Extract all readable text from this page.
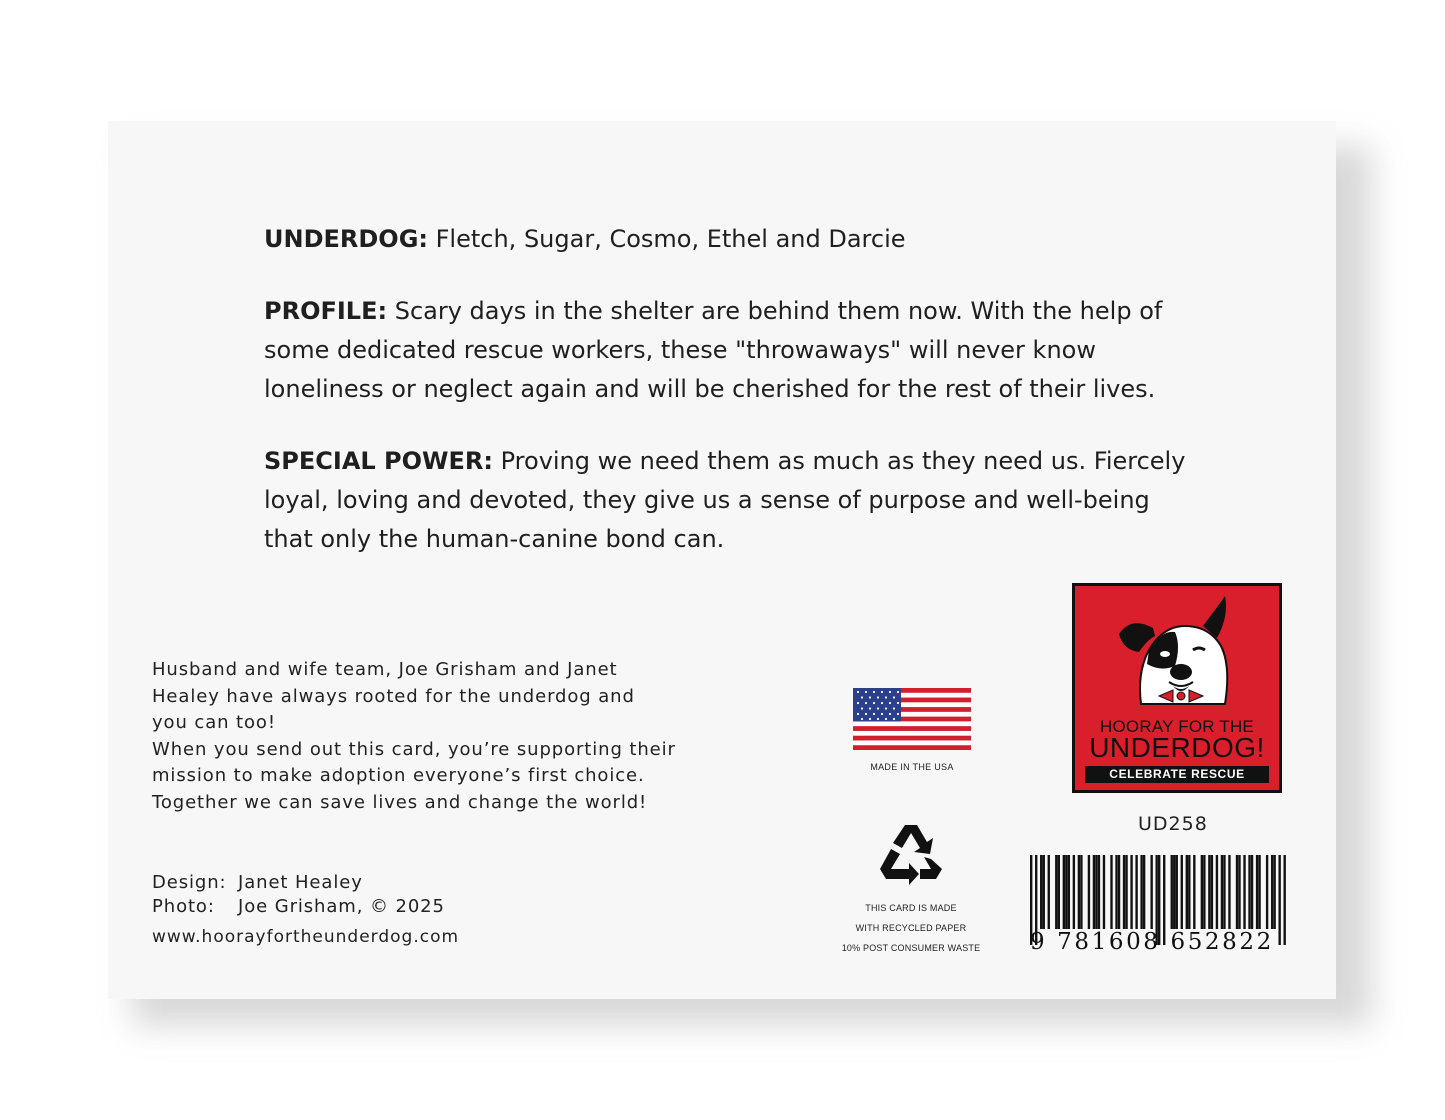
UNDERDOG: Fletch, Sugar, Cosmo, Ethel and Darcie

PROFILE: Scary days in the shelter are behind them now. With the help of some dedicated rescue workers, these "throwaways" will never know loneliness or neglect again and will be cherished for the rest of their lives.

SPECIAL POWER: Proving we need them as much as they need us. Fiercely loyal, loving and devoted, they give us a sense of purpose and well-being that only the human-canine bond can.

Husband and wife team, Joe Grisham and Janet
Healey have always rooted for the underdog and
you can too!
When you send out this card, you’re supporting their
mission to make adoption everyone’s first choice.
Together we can save lives and change the world!
Design: Janet Healey
Photo: Joe Grisham, © 2025
www.hoorayfortheunderdog.com
MADE IN THE USA
THIS CARD IS MADE
WITH RECYCLED PAPER
10% POST CONSUMER WASTE
HOORAY FOR THE
UNDERDOG!
CELEBRATE RESCUE
UD258
9 781608 652822
